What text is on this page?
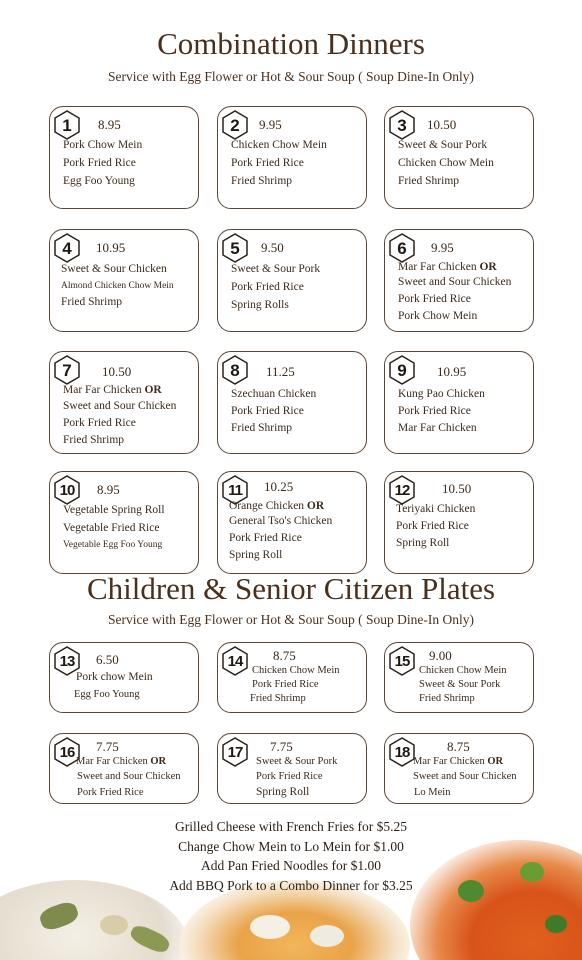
Combination Dinners
Service with Egg Flower or Hot & Sour Soup ( Soup Dine-In Only)
1	8.95
Pork Chow Mein
Pork Fried Rice
Egg Foo Young
2	9.95
Chicken Chow Mein
Pork Fried Rice
Fried Shrimp
3	10.50
Sweet & Sour Pork
Chicken Chow Mein
Fried Shrimp
4	10.95
Sweet & Sour Chicken
Almond Chicken Chow Mein
Fried Shrimp
5	9.50
Sweet & Sour Pork
Pork Fried Rice
Spring Rolls
6	9.95
Mar Far Chicken OR
Sweet and Sour Chicken
Pork Fried Rice
Pork Chow Mein
7	10.50
Mar Far Chicken OR
Sweet and Sour Chicken
Pork Fried Rice
Fried Shrimp
8	11.25
Szechuan Chicken
Pork Fried Rice
Fried Shrimp
9	10.95
Kung Pao Chicken
Pork Fried Rice
Mar Far Chicken
10	8.95
Vegetable Spring Roll
Vegetable Fried Rice
Vegetable Egg Foo Young
11	10.25
Orange Chicken OR
General Tso's Chicken
Pork Fried Rice
Spring Roll
12	10.50
Teriyaki Chicken
Pork Fried Rice
Spring Roll
Children & Senior Citizen Plates
Service with Egg Flower or Hot & Sour Soup ( Soup Dine-In Only)
13	6.50
Pork chow Mein
Egg Foo Young
14	8.75
Chicken Chow Mein
Pork Fried Rice
Fried Shrimp
15	9.00
Chicken Chow Mein
Sweet & Sour Pork
Fried Shrimp
16	7.75
Mar Far Chicken OR
Sweet and Sour Chicken
Pork Fried Rice
17	7.75
Sweet & Sour Pork
Pork Fried Rice
Spring Roll
18	8.75
Mar Far Chicken OR
Sweet and Sour Chicken
Lo Mein
Grilled Cheese with French Fries for $5.25
Change Chow Mein to Lo Mein for $1.00
Add Pan Fried Noodles for $1.00
Add BBQ Pork to a Combo Dinner for $3.25
